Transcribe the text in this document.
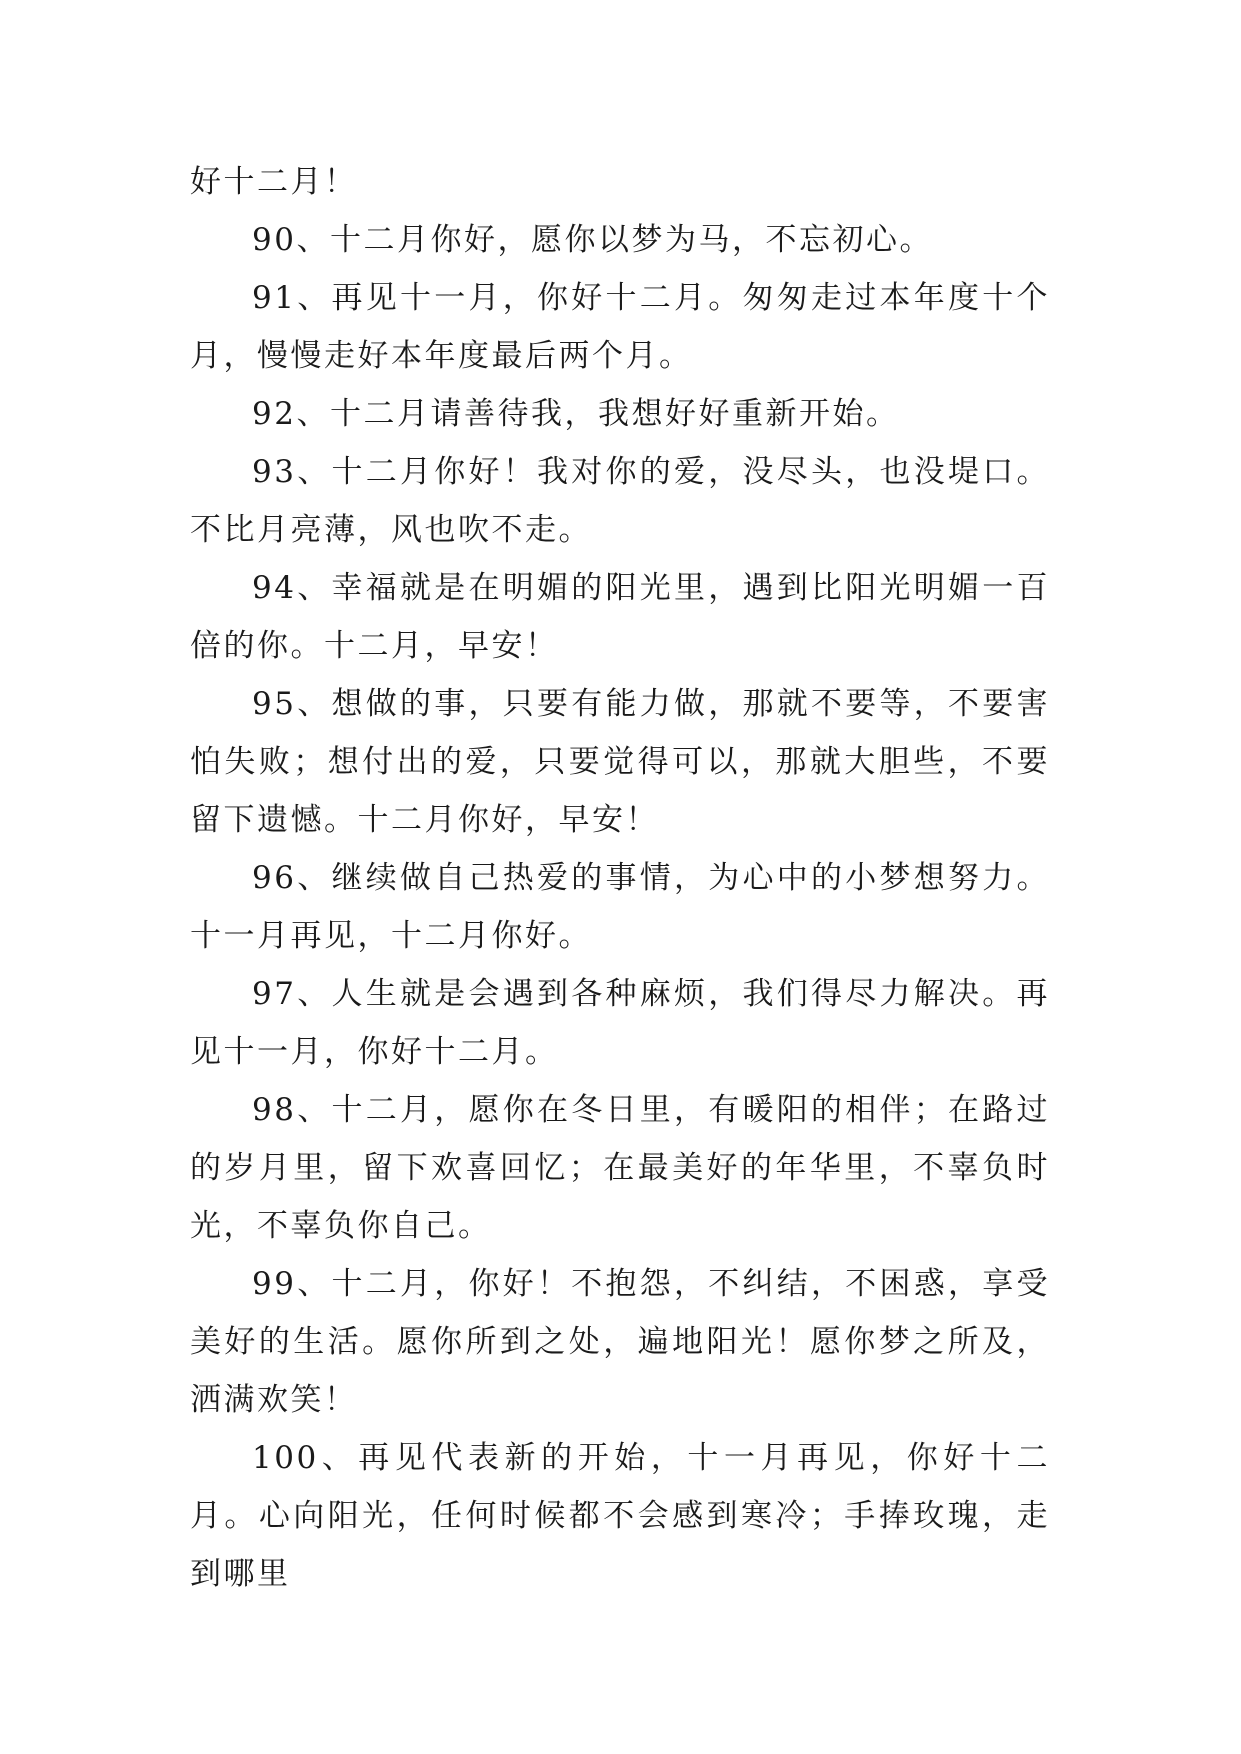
好十二月！

90、十二月你好，愿你以梦为马，不忘初心。

91、再见十一月，你好十二月。匆匆走过本年度十个月，慢慢走好本年度最后两个月。

92、十二月请善待我，我想好好重新开始。

93、十二月你好！我对你的爱，没尽头，也没堤口。不比月亮薄，风也吹不走。

94、幸福就是在明媚的阳光里，遇到比阳光明媚一百倍的你。十二月，早安！

95、想做的事，只要有能力做，那就不要等，不要害怕失败；想付出的爱，只要觉得可以，那就大胆些，不要留下遗憾。十二月你好，早安！

96、继续做自己热爱的事情，为心中的小梦想努力。十一月再见，十二月你好。

97、人生就是会遇到各种麻烦，我们得尽力解决。再见十一月，你好十二月。

98、十二月，愿你在冬日里，有暖阳的相伴；在路过的岁月里，留下欢喜回忆；在最美好的年华里，不辜负时光，不辜负你自己。

99、十二月，你好！不抱怨，不纠结，不困惑，享受美好的生活。愿你所到之处，遍地阳光！愿你梦之所及，洒满欢笑！

100、再见代表新的开始，十一月再见，你好十二月。心向阳光，任何时候都不会感到寒冷；手捧玫瑰，走到哪里
